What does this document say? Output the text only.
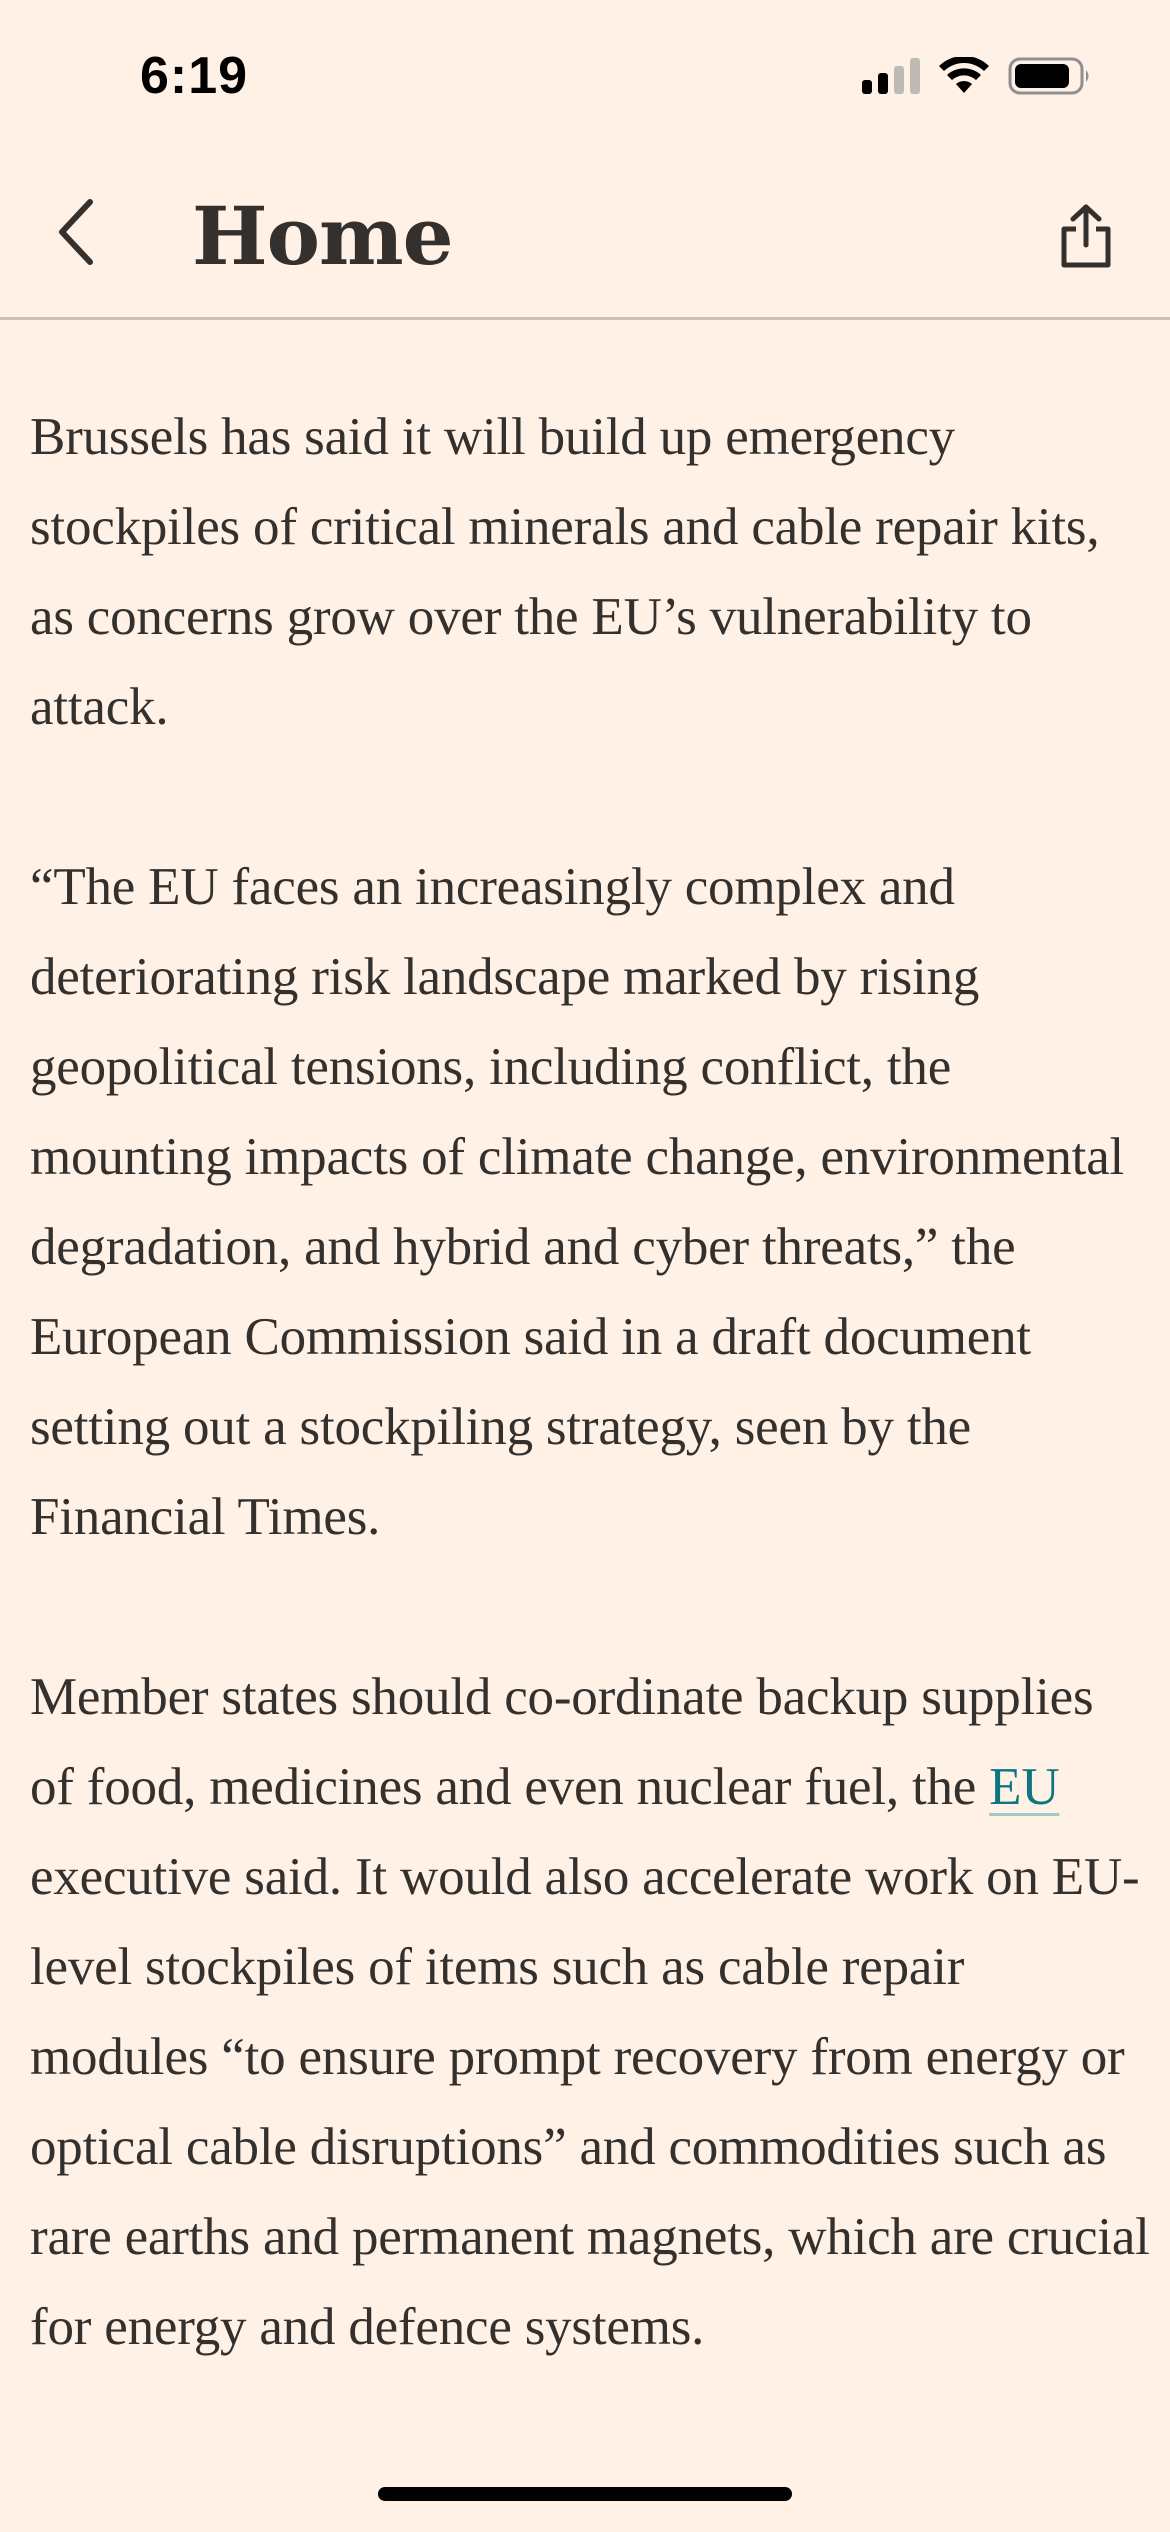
6:19
Home

Brussels has said it will build up emergency stockpiles of critical minerals and cable repair kits, as concerns grow over the EU’s vulnerability to attack.

“The EU faces an increasingly complex and deteriorating risk landscape marked by rising geopolitical tensions, including conflict, the mounting impacts of climate change, environmental degradation, and hybrid and cyber threats,” the European Commission said in a draft document setting out a stockpiling strategy, seen by the Financial Times.

Member states should co-ordinate backup supplies of food, medicines and even nuclear fuel, the EU executive said. It would also accelerate work on EU-level stockpiles of items such as cable repair modules “to ensure prompt recovery from energy or optical cable disruptions” and commodities such as rare earths and permanent magnets, which are crucial for energy and defence systems.
